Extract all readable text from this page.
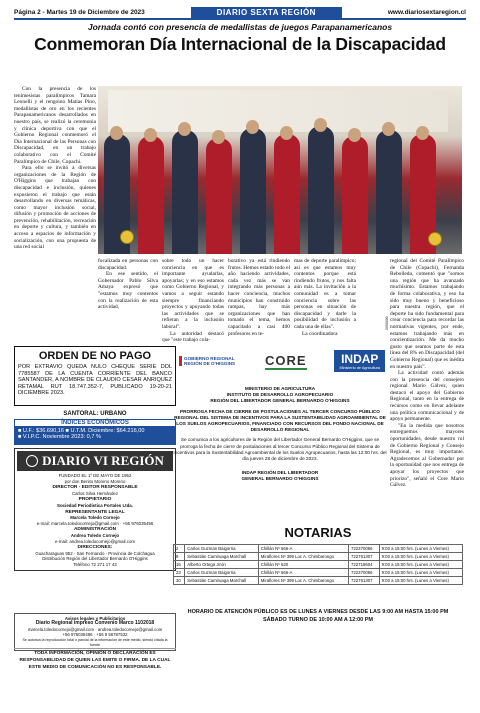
Página 2 - Martes 19 de Diciembre de 2023	DIARIO SEXTA REGIÓN	www.diariosextaregion.cl
Jornada contó con presencia de medallistas de juegos Parapanamericanos
Conmemoran Día Internacional de la Discapacidad

Con la presencia de los tenimesistas paralímpicos Tamara Leonelli y el rengoino Matías Pino, medallistas de oro en los recientes Parapanamericanos desarrollados en nuestro país, se realizó la ceremonia y clínica deportiva con que el Gobierno Regional conmemoró el Día Internacional de las Personas con Discapacidad, en un trabajo colaborativo con el Comité Paralímpico de Chile, Copachi.

Para ello se invitó a diversas organizaciones de la Región de O'Higgins que trabajan con discapacidad e inclusión, quienes expusieron el trabajo que están desarrollando en diversas temáticas, como mayor inclusión social, difusión y promoción de acciones de prevención, rehabilitación, recreación en deporte y cultura, y también en acceso a espacios de información y socialización, con una propuesta de una red social

focalizada en personas con discapacidad.

En ese sentido, el Gobernador Pablo Silva Amaya expresó que "estamos muy contentos con la realización de esta actividad,

sobre todo un hacer conciencia en que es importante ayudarlas, apoyarlas; y en eso estamos como Gobierno Regional, y vamos a seguir estando siempre financiando proyectos y apoyando todas las actividades que se refieran a la inclusión laboral".

La autoridad destacó que "este trabajo cola-

borativo ya está rindiendo frutos. Hemos estado todo el año haciendo actividades, cada vez más se van integrando más personas a hacer conciencia, muchos municipios han construido rampas, hay más organizaciones que han tomado el tema, hemos capacitado a casi 400 profesores en te-

mas de deporte paralímpico; así es que estamos muy contentos porque está rindiendo frutos, y nos falta aún más. La invitación a la comunidad es a tomar conciencia sobre las personas en situación de discapacidad y darle la posibilidad de inclusión a cada una de ellas".

La coordinadora

regional del Comité Paralímpico de Chile (Copachi), Fernanda Rebolledo, comentó que "somos una región que ha avanzado muchísimo. Estamos trabajando de forma colaborativa, y eso ha sido muy bueno y beneficioso para nuestra región, que el deporte ha sido fundamental para crear conciencia para recordar las normativas vigentes, por ende, estamos trabajando más en concientización. Me da mucho gusto que seamos parte de esta línea del 8% en Discapacidad (del Gobierno Regional) que es inédita en nuestro país".

La actividad contó además con la presencia del consejero regional Mario Gálvez, quien destacó el apoyo del Gobierno Regional, tanto en la entrega de recursos como en llevar adelante una política comunicacional y de apoyo permanente.

"En la medida que nosotros entreguemos mayores oportunidades, desde nuestro rol de Gobierno Regional y Consejo Regional, es muy importante. Agradecemos al Gobernador por la oportunidad que nos entrega de apoyar los proyectos que priorizo", señaló el Core Mario Gálvez.

ORDEN DE NO PAGO

POR EXTRAVIO QUEDA NULO CHEQUE SERIE DDL 7785587 DE LA CUENTA CORRIENTE DEL BANCO SANTANDER, A NOMBRE DE CLAUDIO CESAR ANRIQUEZ RETAMAL RUT 18.747.352-7, PUBLICADO 19-20-21 DICIEMBRE 2023.

SANTORAL: URBANO
ÍNDICES ECONÓMICOS
■ U.F.: $36.690,16 ■ U.T.M. Diciembre: $64.216,00
■ V.I.P.C. Noviembre 2023: 0,7 %
DIARIO VI REGIÓN
FUNDADO EL 1º DE MAYO DE 1952
por don Benito Moreno Moreno
DIRECTOR - EDITOR RESPONSABLE
Carlos Silva Hernández
PROPIETARIO
Sociedad Periodística Portales Ltda.
REPRESENTANTE LEGAL
Marcela Toledo Cornejo
e-mail: marcela.toledocornejo@gmail.com · +56 976035496
ADMINISTRACIÓN
Andrea Toledo Cornejo
e-mail: andrea.toledocornejo@gmail.com
DIRECCIONES:
Guacharaguas 952 - San Fernando - Provincia de Colchagua
Distribución Región del Libertador Bernardo O'Higgins
Teléfono 72 271 17 43
Avisos legales y Publicitarios
Diario Regional impreso Convenio Marco 1102018
marcela.toledocornejo@gmail.com · andrea.toledocornejo@gmail.com
+56 976035496 · +56 9 56787532
Se autoriza la reproducción total o parcial de la información de este medio, siendo citada la fuente
TODA INFORMACIÓN, OPINIÓN O DECLARACIÓN ES RESPONSABILIDAD DE QUIEN LAS EMITE O FIRMA. DE LA CUAL ESTE MEDIO DE COMUNICACIÓN NO ES RESPONSABLE.
GOBIERNO REGIONAL REGIÓN DE O'HIGGINS CORE	INDAP
Ministerio de Agricultura
0000000
MINISTERIO DE AGRICULTURA
INSTITUTO DE DESARROLLO AGROPECUARIO
REGIÓN DEL LIBERTADOR GENERAL BERNARDO O'HIGGINS
PRORROGA FECHA DE CIERRE DE POSTULACIONES AL TERCER CONCURSO PÚBLICO REGIONAL DEL SISTEMA DE INCENTIVOS PARA LA SUSTENTABILIDAD AGROAMBIENTAL DE LOS SUELOS AGROPECUARIOS, FINANCIADO CON RECURSOS DEL FONDO NACIONAL DE DESARROLLO REGIONAL
Se comunica a los agricultores de la Región del Libertador General Bernardo O'Higgins, que se prorroga la fecha de cierre de postulaciones al tercer Concurso Público Regional del Sistema de Incentivos para la Sustentabilidad Agroambiental de los Suelos Agropecuarios, hasta las 12:00 hrs. del día jueves 28 de diciembre de 2023.
INDAP REGIÓN DEL LIBERTADOR
GENERAL BERNARDO O'HIGGINS
NOTARIAS
2	Carlos Guzman Baigorria	Chillán Nº 566-A	722370066	9:00 a 15:00 hrs. (Lunes a Viernes)
9	Sebastián Camiruaga Marchall	Miraflores Nº 399 Loc A. Chimbarongo	722761307	9:00 a 15:00 hrs. (Lunes a Viernes)
16	Alberto Ortega Jirón	Chillán Nº 620	722718604	9:00 a 15:00 hrs. (Lunes a Viernes)
23	Carlos Guzman Baigorria	Chillán Nº 566-A	722370066	9:00 a 15:00 hrs. (Lunes a Viernes)
30	Sebastián Camiruaga Marchall	Miraflores Nº 399 Loc A. Chimbarongo	722761307	9:00 a 15:00 hrs. (Lunes a Viernes)
HORARIO DE ATENCIÓN PÚBLICO ES DE LUNES A VIERNES DESDE LAS 9:00 AM HASTA 15:00 PM
SÁBADO TURNO DE 10:00 AM A 12:00 PM
